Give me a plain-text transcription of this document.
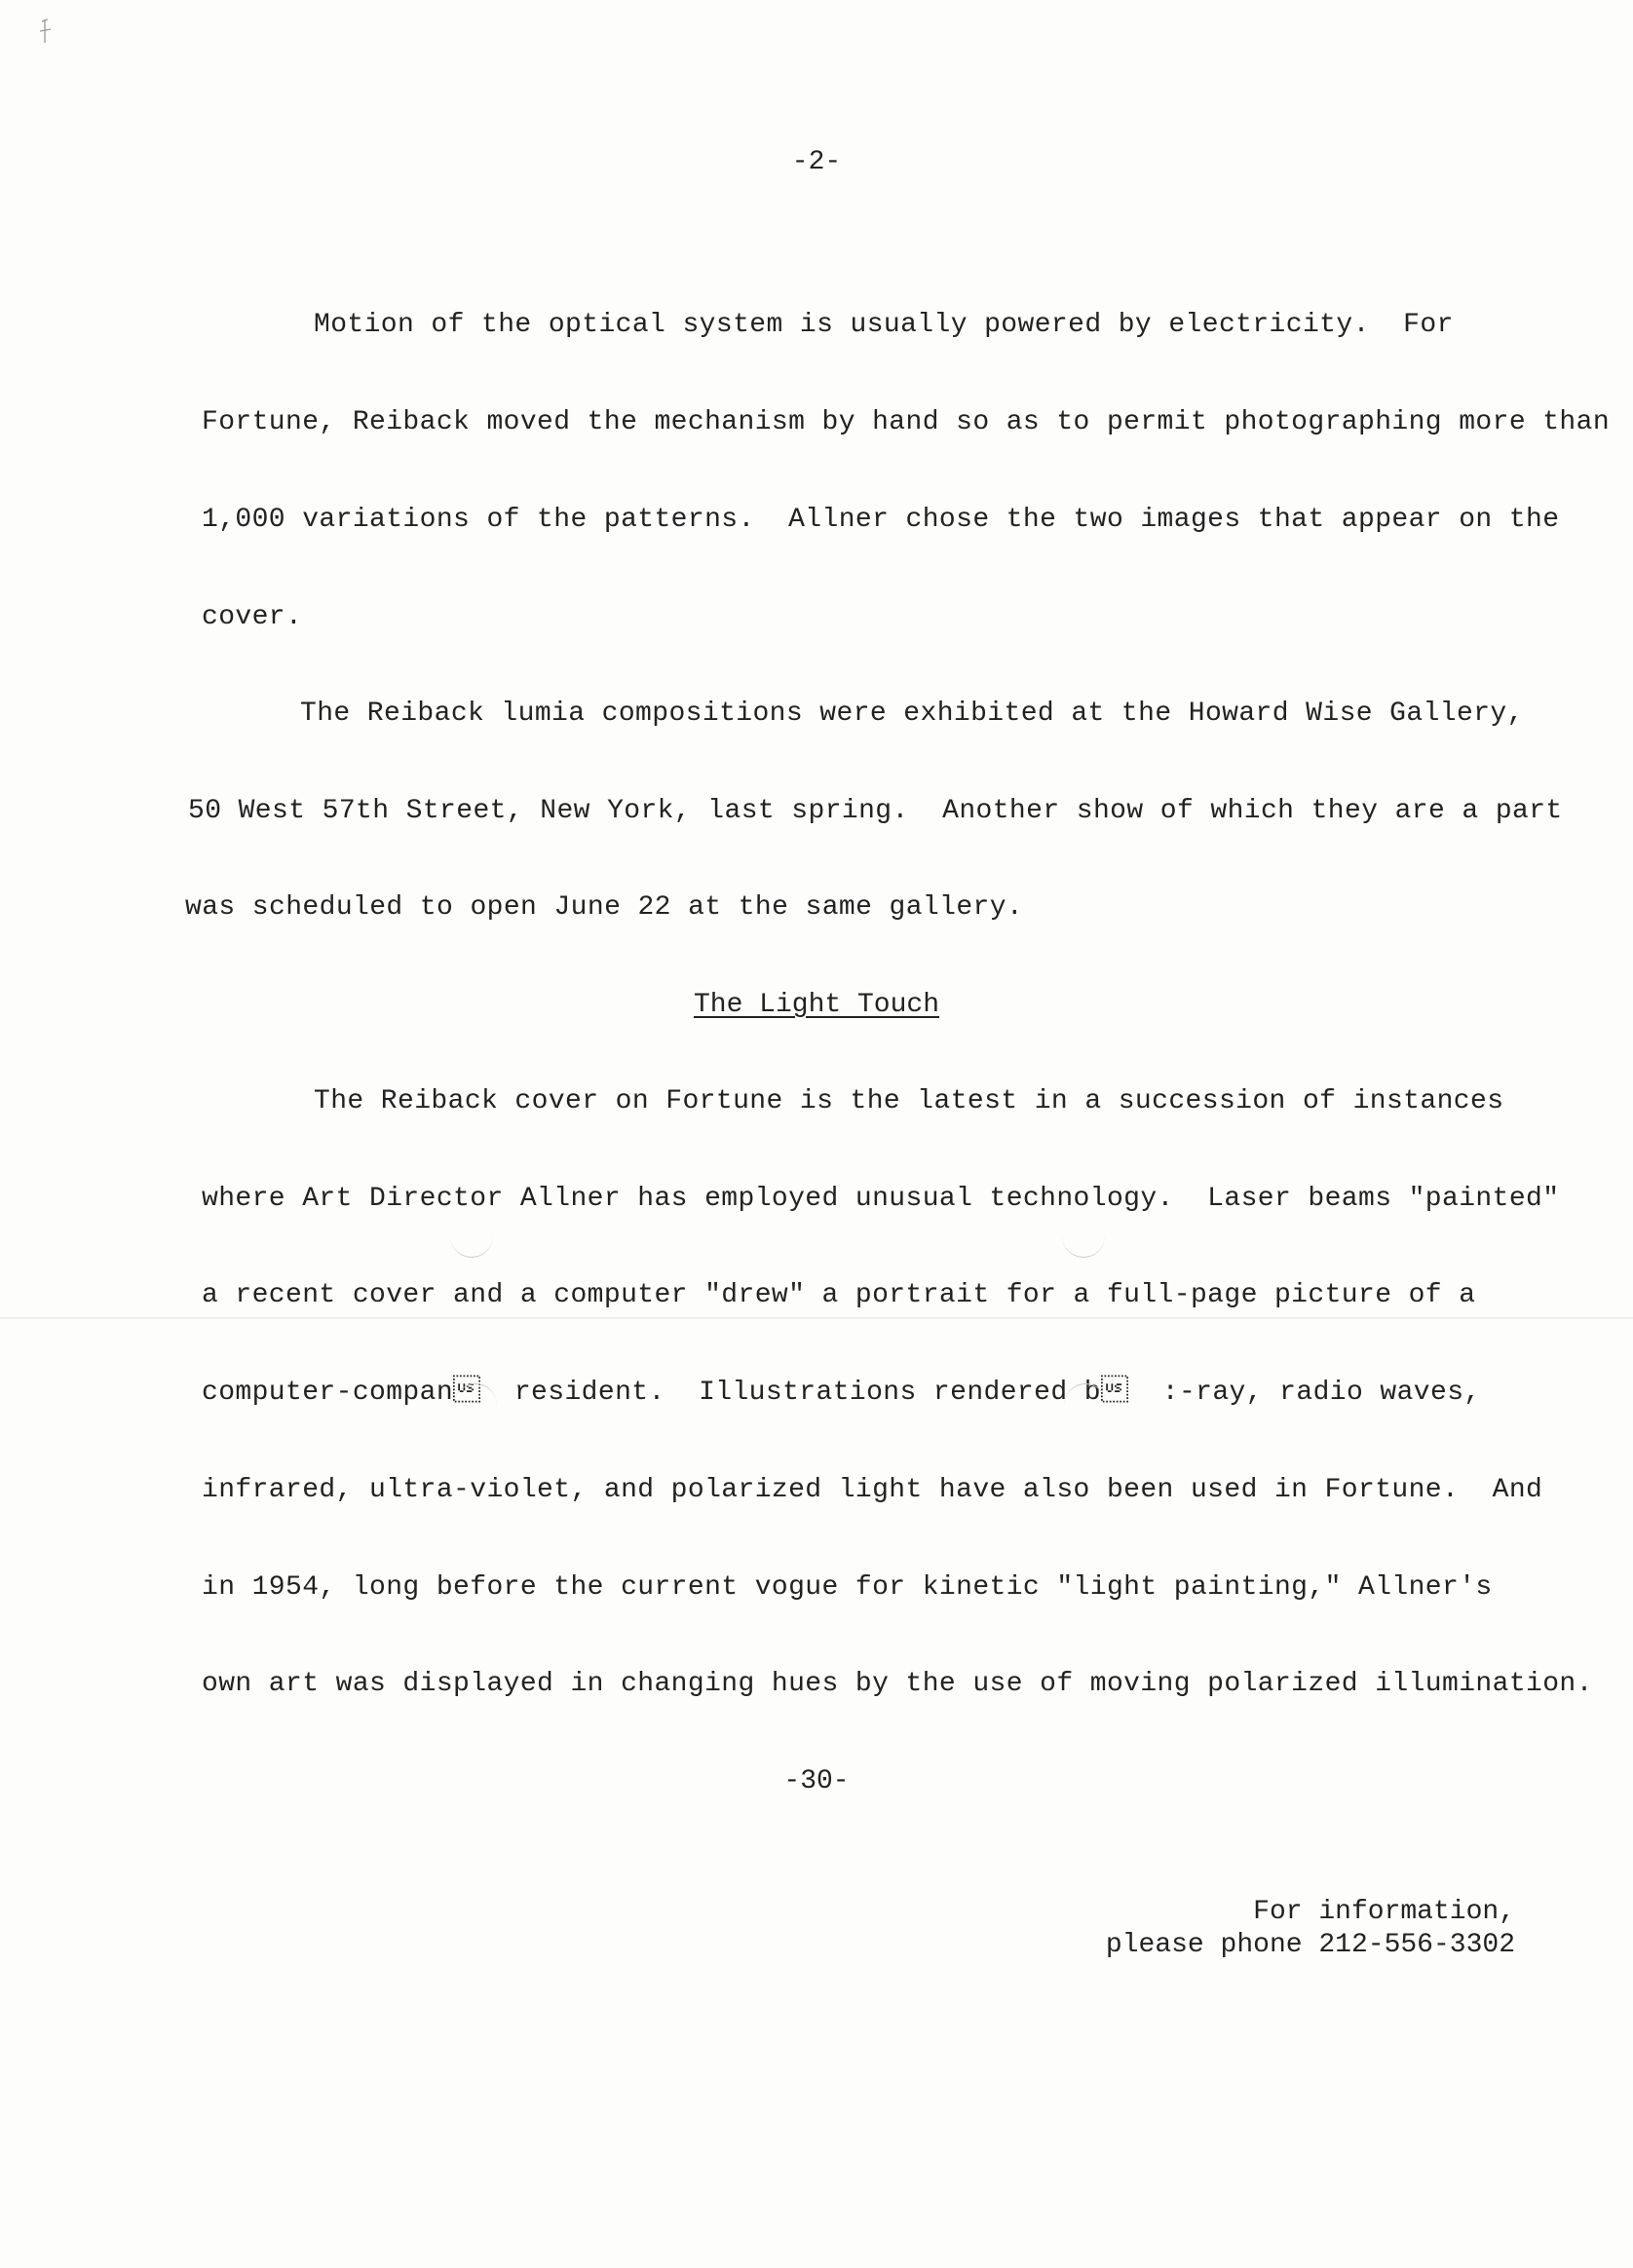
-2-
Motion of the optical system is usually powered by electricity.  For
Fortune, Reiback moved the mechanism by hand so as to permit photographing more than
1,000 variations of the patterns.  Allner chose the two images that appear on the
cover.
The Reiback lumia compositions were exhibited at the Howard Wise Gallery,
50 West 57th Street, New York, last spring.  Another show of which they are a part
was scheduled to open June 22 at the same gallery.
The Light Touch
The Reiback cover on Fortune is the latest in a succession of instances
where Art Director Allner has employed unusual technology.  Laser beams "painted"
a recent cover and a computer "drew" a portrait for a full-page picture of a
computer-compan  resident.  Illustrations rendered b  :-ray, radio waves,
infrared, ultra-violet, and polarized light have also been used in Fortune.  And
in 1954, long before the current vogue for kinetic "light painting," Allner's
own art was displayed in changing hues by the use of moving polarized illumination.
-30-
For information,
please phone 212-556-3302
